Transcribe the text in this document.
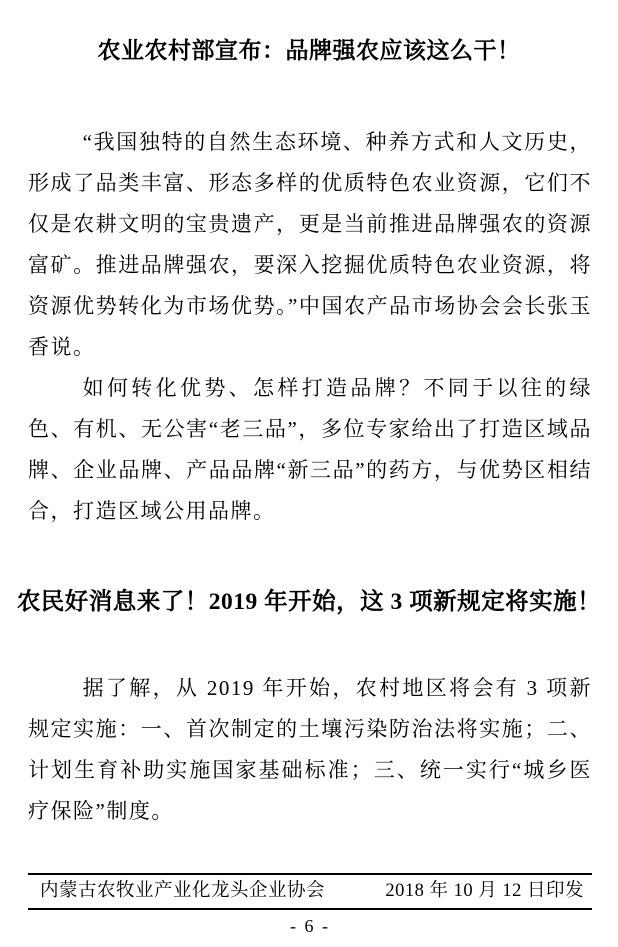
农业农村部宣布：品牌强农应该这么干！

“我国独特的自然生态环境、种养方式和人文历史，形成了品类丰富、形态多样的优质特色农业资源，它们不仅是农耕文明的宝贵遗产，更是当前推进品牌强农的资源富矿。推进品牌强农，要深入挖掘优质特色农业资源，将资源优势转化为市场优势。”中国农产品市场协会会长张玉香说。

如何转化优势、怎样打造品牌？不同于以往的绿色、有机、无公害“老三品”，多位专家给出了打造区域品牌、企业品牌、产品品牌“新三品”的药方，与优势区相结合，打造区域公用品牌。

农民好消息来了！2019 年开始，这 3 项新规定将实施！

据了解，从 2019 年开始，农村地区将会有 3 项新规定实施：一、首次制定的土壤污染防治法将实施；二、计划生育补助实施国家基础标准；三、统一实行“城乡医疗保险”制度。

内蒙古农牧业产业化龙头企业协会	2018 年 10 月 12 日印发
- 6 -
